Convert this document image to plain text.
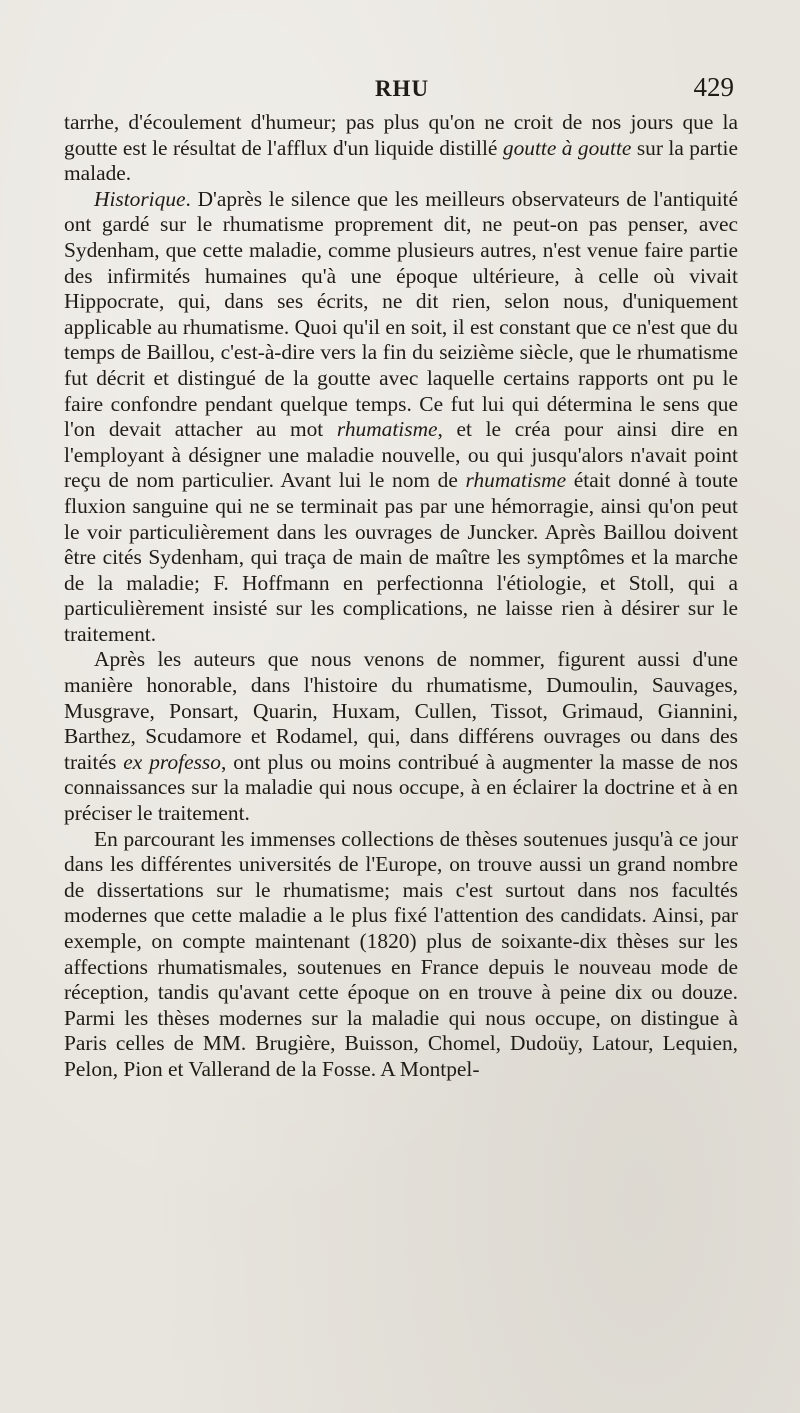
RHU	429

tarrhe, d'écoulement d'humeur; pas plus qu'on ne croit de nos jours que la goutte est le résultat de l'afflux d'un liquide distillé goutte à goutte sur la partie malade.

Historique. D'après le silence que les meilleurs observateurs de l'antiquité ont gardé sur le rhumatisme proprement dit, ne peut-on pas penser, avec Sydenham, que cette maladie, comme plusieurs autres, n'est venue faire partie des infirmités humaines qu'à une époque ultérieure, à celle où vivait Hippocrate, qui, dans ses écrits, ne dit rien, selon nous, d'uniquement applicable au rhumatisme. Quoi qu'il en soit, il est constant que ce n'est que du temps de Baillou, c'est-à-dire vers la fin du seizième siècle, que le rhumatisme fut décrit et distingué de la goutte avec laquelle certains rapports ont pu le faire confondre pendant quelque temps. Ce fut lui qui détermina le sens que l'on devait attacher au mot rhumatisme, et le créa pour ainsi dire en l'employant à désigner une maladie nouvelle, ou qui jusqu'alors n'avait point reçu de nom particulier. Avant lui le nom de rhumatisme était donné à toute fluxion sanguine qui ne se terminait pas par une hémorragie, ainsi qu'on peut le voir particulièrement dans les ouvrages de Juncker. Après Baillou doivent être cités Sydenham, qui traça de main de maître les symptômes et la marche de la maladie; F. Hoffmann en perfectionna l'étiologie, et Stoll, qui a particulièrement insisté sur les complications, ne laisse rien à désirer sur le traitement.

Après les auteurs que nous venons de nommer, figurent aussi d'une manière honorable, dans l'histoire du rhumatisme, Dumoulin, Sauvages, Musgrave, Ponsart, Quarin, Huxam, Cullen, Tissot, Grimaud, Giannini, Barthez, Scudamore et Rodamel, qui, dans différens ouvrages ou dans des traités ex professo, ont plus ou moins contribué à augmenter la masse de nos connaissances sur la maladie qui nous occupe, à en éclairer la doctrine et à en préciser le traitement.

En parcourant les immenses collections de thèses soutenues jusqu'à ce jour dans les différentes universités de l'Europe, on trouve aussi un grand nombre de dissertations sur le rhumatisme; mais c'est surtout dans nos facultés modernes que cette maladie a le plus fixé l'attention des candidats. Ainsi, par exemple, on compte maintenant (1820) plus de soixante-dix thèses sur les affections rhumatismales, soutenues en France depuis le nouveau mode de réception, tandis qu'avant cette époque on en trouve à peine dix ou douze. Parmi les thèses modernes sur la maladie qui nous occupe, on distingue à Paris celles de MM. Brugière, Buisson, Chomel, Dudoüy, Latour, Lequien, Pelon, Pion et Vallerand de la Fosse. A Montpel-
